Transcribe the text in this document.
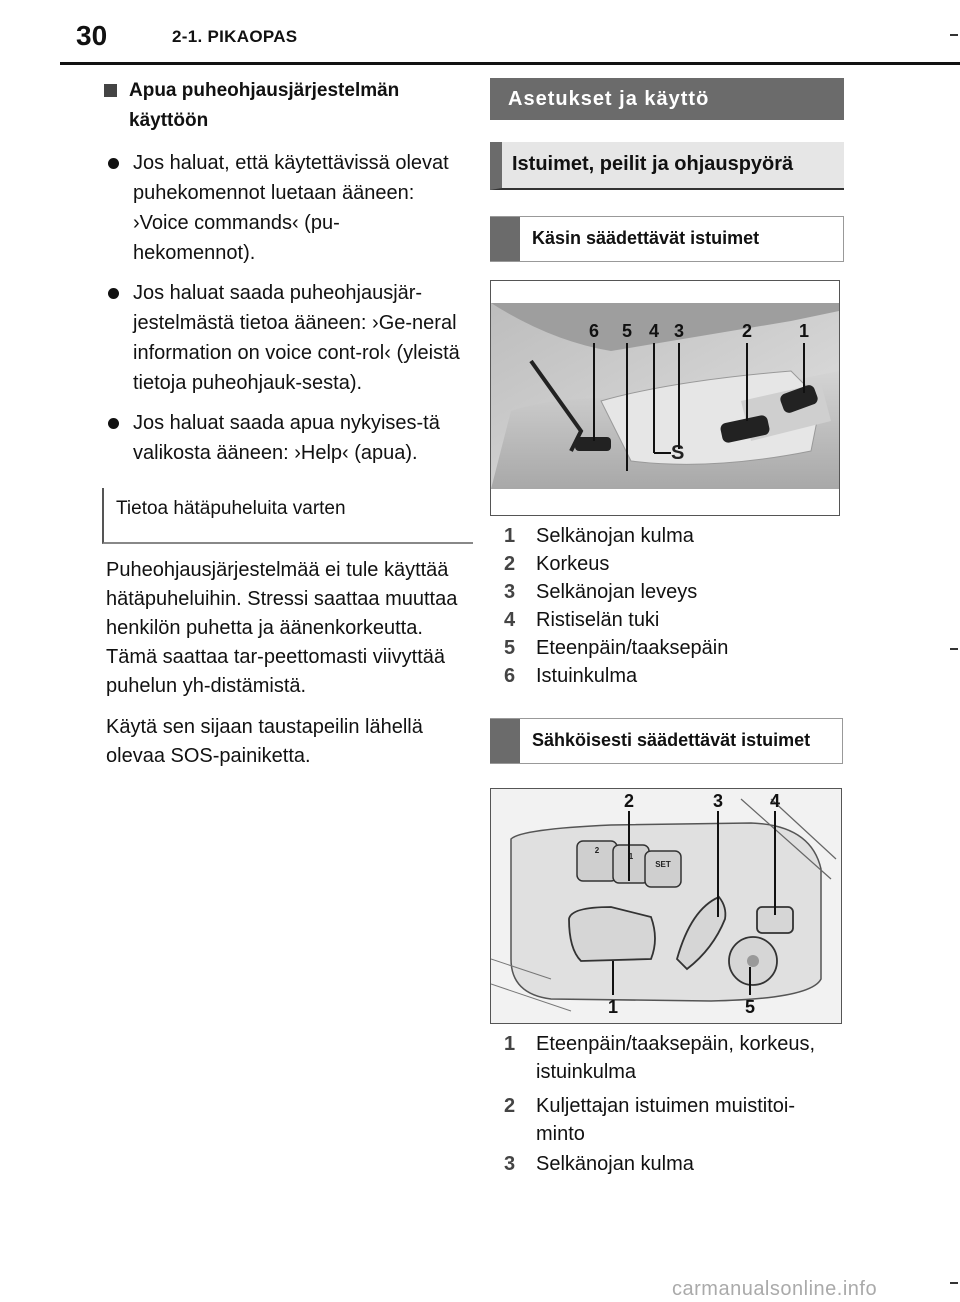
30	2-1. PIKAOPAS
Apua puheohjausjärjestelmän käyttöön
Jos haluat, että käytettävissä olevat puhekomennot luetaan ääneen: ›Voice commands‹ (pu-hekomennot).
Jos haluat saada puheohjausjär-jestelmästä tietoa ääneen: ›Ge-neral information on voice cont-rol‹ (yleistä tietoja puheohjauk-sesta).
Jos haluat saada apua nykyises-tä valikosta ääneen: ›Help‹ (apua).
Tietoa hätäpuheluita varten
Puheohjausjärjestelmää ei tule käyttää hätäpuheluihin. Stressi saattaa muuttaa henkilön puhetta ja äänenkorkeutta. Tämä saattaa tar-peettomasti viivyttää puhelun yh-distämistä.
Käytä sen sijaan taustapeilin lähellä olevaa SOS-painiketta.
Asetukset ja käyttö
Istuimet, peilit ja ohjauspyörä
Käsin säädettävät istuimet
S
6 5 4 3	2	1
1	Selkänojan kulma
2	Korkeus
3	Selkänojan leveys
4	Ristiselän tuki
5	Eteenpäin/taaksepäin
6	Istuinkulma
Sähköisesti säädettävät istuimet
2
1
SET
2	3	4
1	5
1	Eteenpäin/taaksepäin, korkeus, istuinkulma
2	Kuljettajan istuimen muistitoi-minto
3	Selkänojan kulma
carmanualsonline.info
